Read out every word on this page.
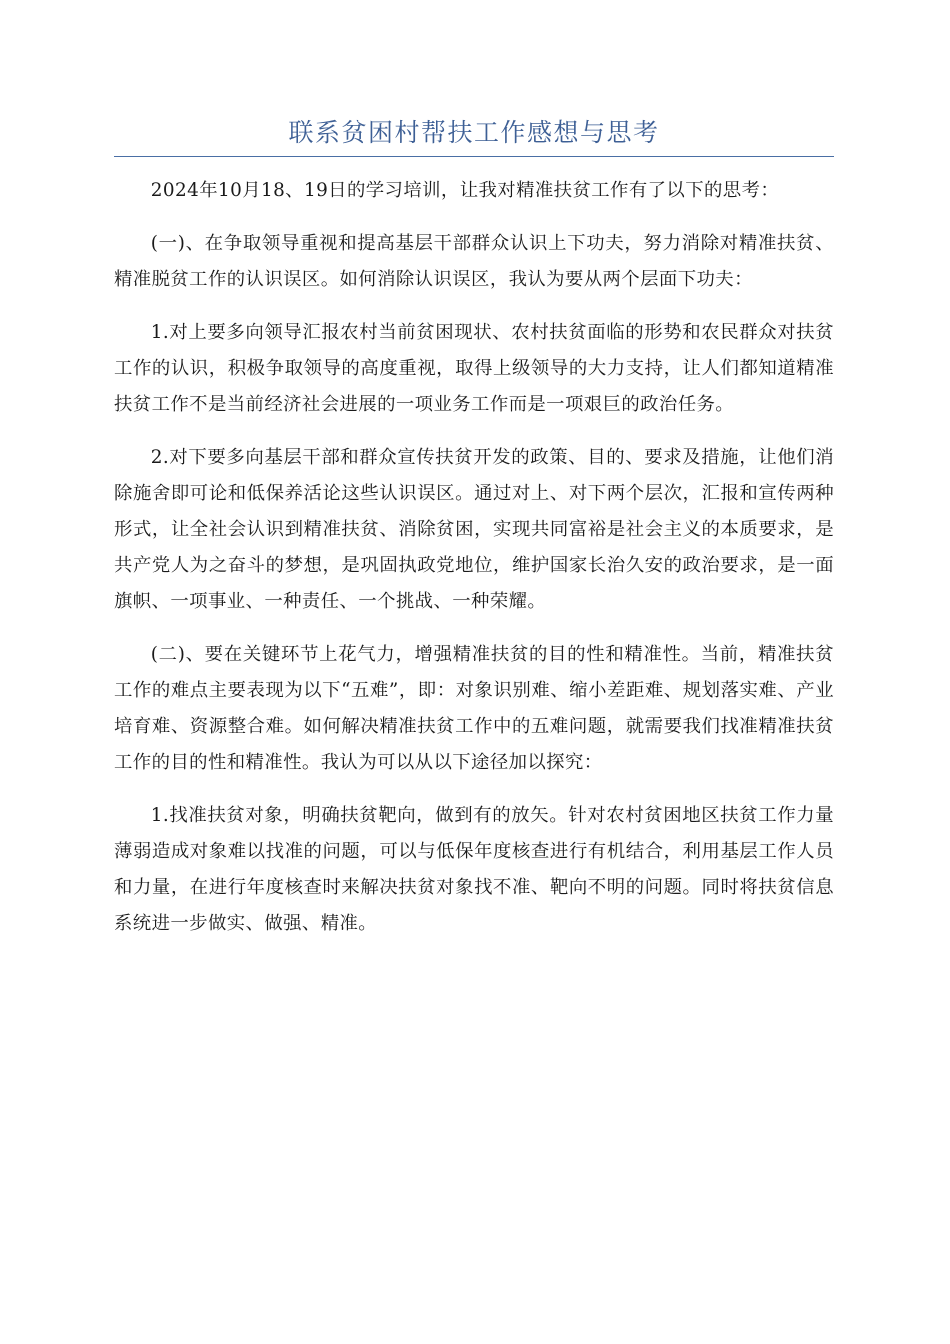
联系贫困村帮扶工作感想与思考

2024年10月18、19日的学习培训，让我对精准扶贫工作有了以下的思考：

(一)、在争取领导重视和提高基层干部群众认识上下功夫，努力消除对精准扶贫、精准脱贫工作的认识误区。如何消除认识误区，我认为要从两个层面下功夫：

1.对上要多向领导汇报农村当前贫困现状、农村扶贫面临的形势和农民群众对扶贫工作的认识，积极争取领导的高度重视，取得上级领导的大力支持，让人们都知道精准扶贫工作不是当前经济社会进展的一项业务工作而是一项艰巨的政治任务。

2.对下要多向基层干部和群众宣传扶贫开发的政策、目的、要求及措施，让他们消除施舍即可论和低保养活论这些认识误区。通过对上、对下两个层次，汇报和宣传两种形式，让全社会认识到精准扶贫、消除贫困，实现共同富裕是社会主义的本质要求，是共产党人为之奋斗的梦想，是巩固执政党地位，维护国家长治久安的政治要求，是一面旗帜、一项事业、一种责任、一个挑战、一种荣耀。

(二)、要在关键环节上花气力，增强精准扶贫的目的性和精准性。当前，精准扶贫工作的难点主要表现为以下“五难”，即：对象识别难、缩小差距难、规划落实难、产业培育难、资源整合难。如何解决精准扶贫工作中的五难问题，就需要我们找准精准扶贫工作的目的性和精准性。我认为可以从以下途径加以探究：

1.找准扶贫对象，明确扶贫靶向，做到有的放矢。针对农村贫困地区扶贫工作力量薄弱造成对象难以找准的问题，可以与低保年度核查进行有机结合，利用基层工作人员和力量，在进行年度核查时来解决扶贫对象找不准、靶向不明的问题。同时将扶贫信息系统进一步做实、做强、精准。
